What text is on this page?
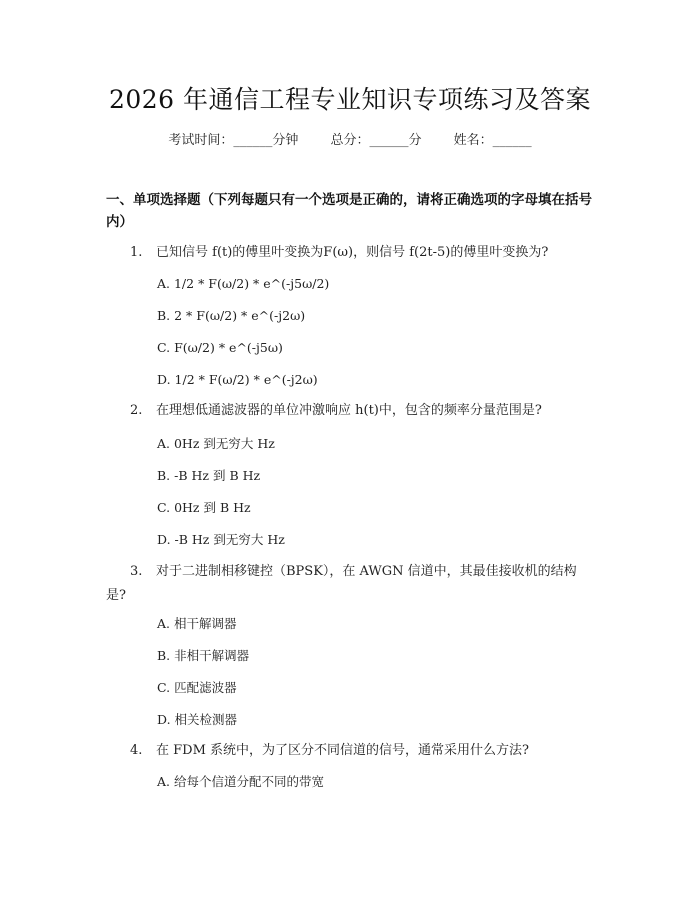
2026 年通信工程专业知识专项练习及答案
考试时间：______分钟 总分：______分 姓名：______
一、单项选择题（下列每题只有一个选项是正确的，请将正确选项的字母填在括号内）
1. 已知信号 f(t)的傅里叶变换为F(ω)，则信号 f(2t-5)的傅里叶变换为?
A. 1/2 * F(ω/2) * e^(-j5ω/2)
B. 2 * F(ω/2) * e^(-j2ω)
C. F(ω/2) * e^(-j5ω)
D. 1/2 * F(ω/2) * e^(-j2ω)
2. 在理想低通滤波器的单位冲激响应 h(t)中，包含的频率分量范围是?
A. 0Hz 到无穷大 Hz
B. -B Hz 到 B Hz
C. 0Hz 到 B Hz
D. -B Hz 到无穷大 Hz
3. 对于二进制相移键控（BPSK），在 AWGN 信道中，其最佳接收机的结构是?
A. 相干解调器
B. 非相干解调器
C. 匹配滤波器
D. 相关检测器
4. 在 FDM 系统中，为了区分不同信道的信号，通常采用什么方法?
A. 给每个信道分配不同的带宽
